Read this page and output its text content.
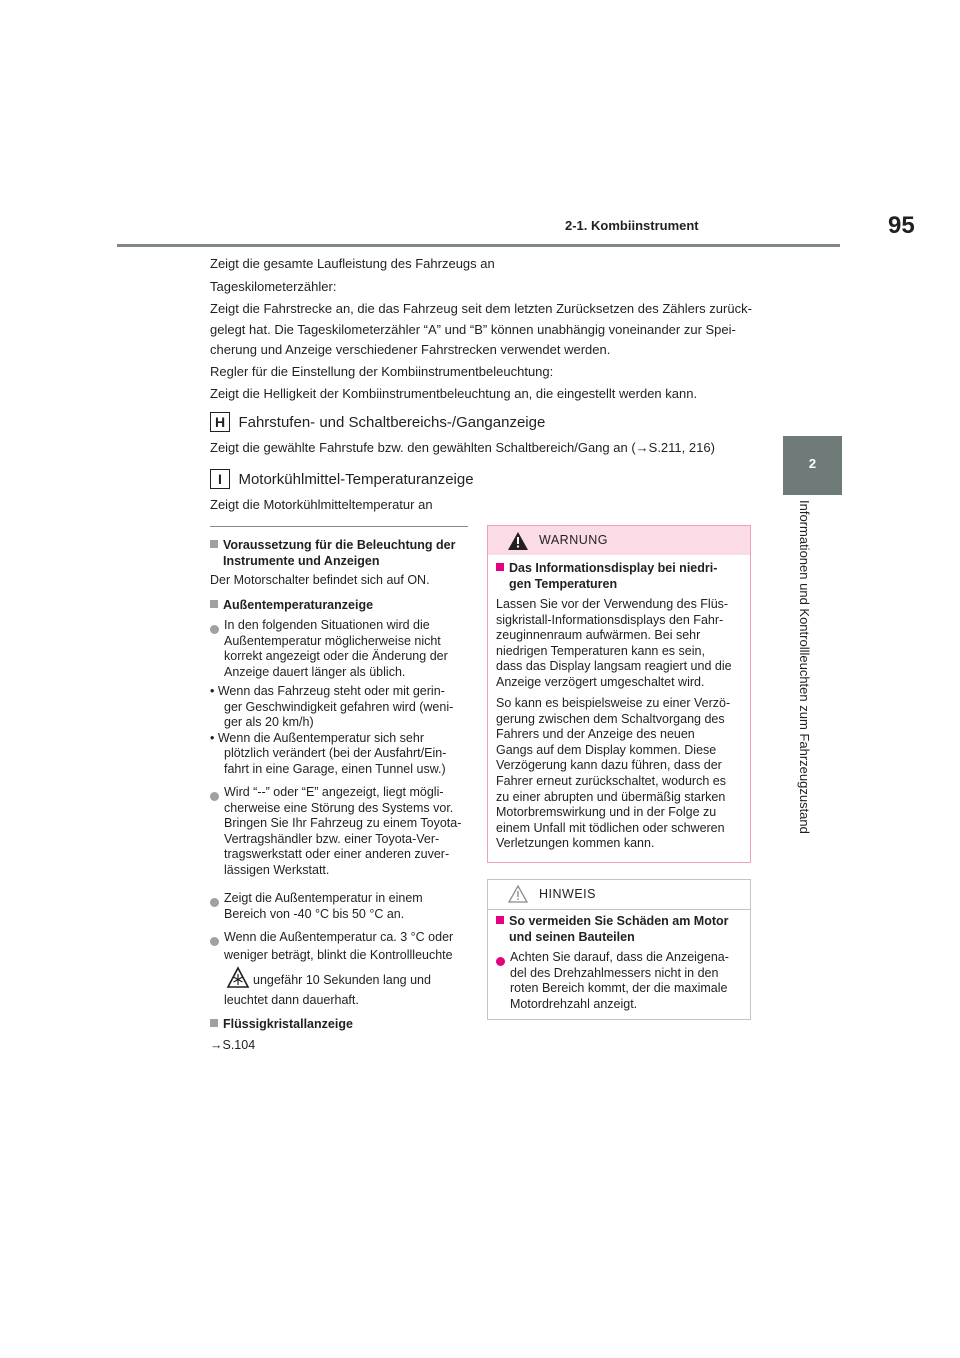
95
2-1. Kombiinstrument
2
Informationen und Kontrollleuchten zum Fahrzeugzustand
Zeigt die gesamte Laufleistung des Fahrzeugs an
Tageskilometerzähler:
Zeigt die Fahrstrecke an, die das Fahrzeug seit dem letzten Zurücksetzen des Zählers zurück-
gelegt hat. Die Tageskilometerzähler “A” und “B” können unabhängig voneinander zur Spei-
cherung und Anzeige verschiedener Fahrstrecken verwendet werden.
Regler für die Einstellung der Kombiinstrumentbeleuchtung:
Zeigt die Helligkeit der Kombiinstrumentbeleuchtung an, die eingestellt werden kann.
H Fahrstufen- und Schaltbereichs-/Ganganzeige
Zeigt die gewählte Fahrstufe bzw. den gewählten Schaltbereich/Gang an (→S.211, 216)
I Motorkühlmittel-Temperaturanzeige
Zeigt die Motorkühlmitteltemperatur an
Voraussetzung für die Beleuchtung der
Instrumente und Anzeigen
Der Motorschalter befindet sich auf ON.
Außentemperaturanzeige
In den folgenden Situationen wird die
Außentemperatur möglicherweise nicht
korrekt angezeigt oder die Änderung der
Anzeige dauert länger als üblich.
• Wenn das Fahrzeug steht oder mit gerin-
ger Geschwindigkeit gefahren wird (weni-
ger als 20 km/h)
• Wenn die Außentemperatur sich sehr
plötzlich verändert (bei der Ausfahrt/Ein-
fahrt in eine Garage, einen Tunnel usw.)
Wird “--” oder “E” angezeigt, liegt mögli-
cherweise eine Störung des Systems vor.
Bringen Sie Ihr Fahrzeug zu einem Toyota-
Vertragshändler bzw. einer Toyota-Ver-
tragswerkstatt oder einer anderen zuver-
lässigen Werkstatt.
Zeigt die Außentemperatur in einem
Bereich von -40 °C bis 50 °C an.
Wenn die Außentemperatur ca. 3 °C oder
weniger beträgt, blinkt die Kontrollleuchte
ungefähr 10 Sekunden lang und
leuchtet dann dauerhaft.
Flüssigkristallanzeige
→S.104
WARNUNG
Das Informationsdisplay bei niedri-
gen Temperaturen
Lassen Sie vor der Verwendung des Flüs-
sigkristall-Informationsdisplays den Fahr-
zeuginnenraum aufwärmen. Bei sehr
niedrigen Temperaturen kann es sein,
dass das Display langsam reagiert und die
Anzeige verzögert umgeschaltet wird.
So kann es beispielsweise zu einer Verzö-
gerung zwischen dem Schaltvorgang des
Fahrers und der Anzeige des neuen
Gangs auf dem Display kommen. Diese
Verzögerung kann dazu führen, dass der
Fahrer erneut zurückschaltet, wodurch es
zu einer abrupten und übermäßig starken
Motorbremswirkung und in der Folge zu
einem Unfall mit tödlichen oder schweren
Verletzungen kommen kann.
HINWEIS
So vermeiden Sie Schäden am Motor
und seinen Bauteilen
Achten Sie darauf, dass die Anzeigena-
del des Drehzahlmessers nicht in den
roten Bereich kommt, der die maximale
Motordrehzahl anzeigt.
